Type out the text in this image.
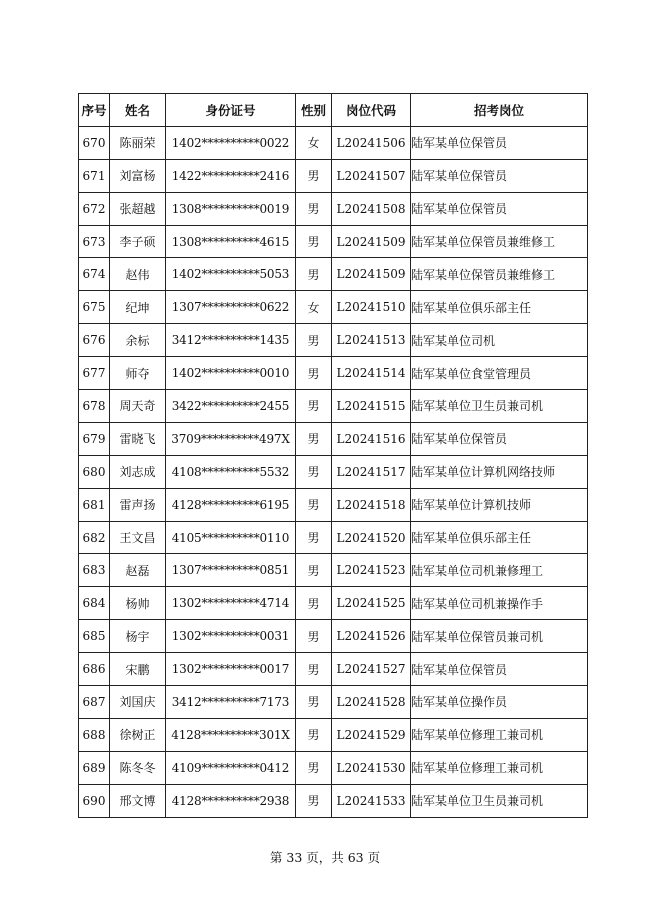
序号	姓名	身份证号	性别	岗位代码	招考岗位
670	陈丽荣	1402**********0022	女	L20241506	陆军某单位保管员
671	刘富杨	1422**********2416	男	L20241507	陆军某单位保管员
672	张超越	1308**********0019	男	L20241508	陆军某单位保管员
673	李子硕	1308**********4615	男	L20241509	陆军某单位保管员兼维修工
674	赵伟	1402**********5053	男	L20241509	陆军某单位保管员兼维修工
675	纪坤	1307**********0622	女	L20241510	陆军某单位俱乐部主任
676	余标	3412**********1435	男	L20241513	陆军某单位司机
677	师夺	1402**********0010	男	L20241514	陆军某单位食堂管理员
678	周天奇	3422**********2455	男	L20241515	陆军某单位卫生员兼司机
679	雷晓飞	3709**********497X	男	L20241516	陆军某单位保管员
680	刘志成	4108**********5532	男	L20241517	陆军某单位计算机网络技师
681	雷声扬	4128**********6195	男	L20241518	陆军某单位计算机技师
682	王文昌	4105**********0110	男	L20241520	陆军某单位俱乐部主任
683	赵磊	1307**********0851	男	L20241523	陆军某单位司机兼修理工
684	杨帅	1302**********4714	男	L20241525	陆军某单位司机兼操作手
685	杨宇	1302**********0031	男	L20241526	陆军某单位保管员兼司机
686	宋鹏	1302**********0017	男	L20241527	陆军某单位保管员
687	刘国庆	3412**********7173	男	L20241528	陆军某单位操作员
688	徐树正	4128**********301X	男	L20241529	陆军某单位修理工兼司机
689	陈冬冬	4109**********0412	男	L20241530	陆军某单位修理工兼司机
690	邢文博	4128**********2938	男	L20241533	陆军某单位卫生员兼司机
第 33 页，共 63 页
